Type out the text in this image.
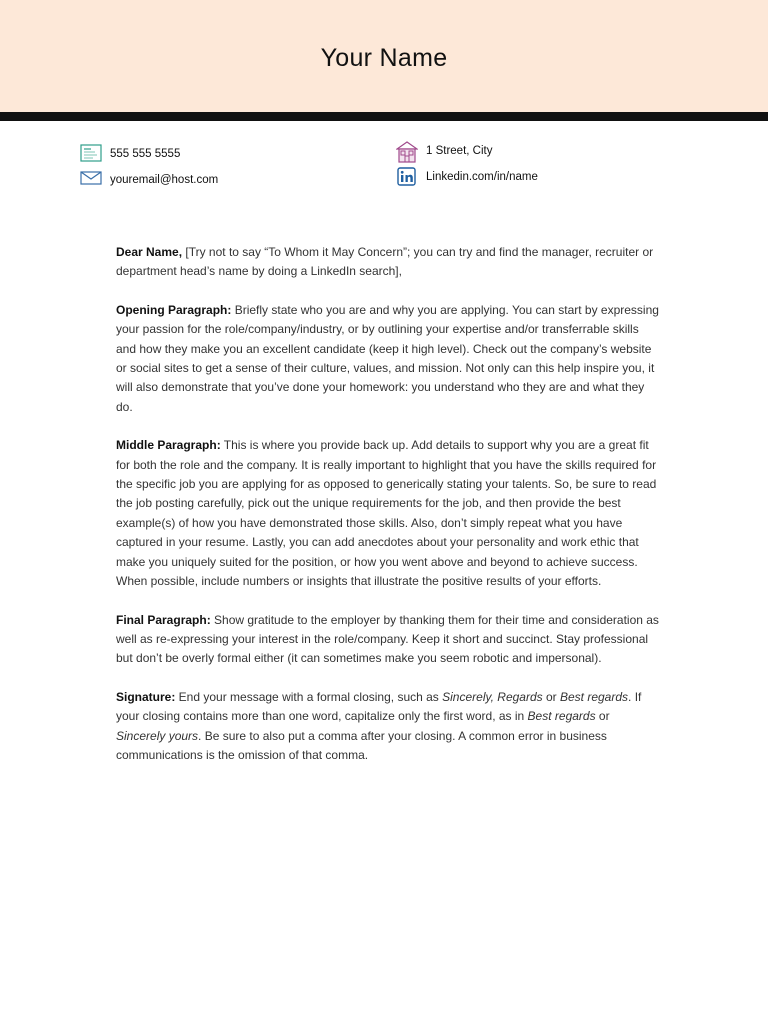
Your Name
555 555 5555
youremail@host.com
1 Street, City
Linkedin.com/in/name

Dear Name, [Try not to say “To Whom it May Concern”; you can try and find the manager, recruiter or department head’s name by doing a LinkedIn search],

Opening Paragraph: Briefly state who you are and why you are applying. You can start by expressing your passion for the role/company/industry, or by outlining your expertise and/or transferrable skills and how they make you an excellent candidate (keep it high level). Check out the company’s website or social sites to get a sense of their culture, values, and mission. Not only can this help inspire you, it will also demonstrate that you’ve done your homework: you understand who they are and what they do.

Middle Paragraph: This is where you provide back up. Add details to support why you are a great fit for both the role and the company. It is really important to highlight that you have the skills required for the specific job you are applying for as opposed to generically stating your talents. So, be sure to read the job posting carefully, pick out the unique requirements for the job, and then provide the best example(s) of how you have demonstrated those skills. Also, don’t simply repeat what you have captured in your resume. Lastly, you can add anecdotes about your personality and work ethic that make you uniquely suited for the position, or how you went above and beyond to achieve success. When possible, include numbers or insights that illustrate the positive results of your efforts.

Final Paragraph: Show gratitude to the employer by thanking them for their time and consideration as well as re-expressing your interest in the role/company. Keep it short and succinct. Stay professional but don’t be overly formal either (it can sometimes make you seem robotic and impersonal).

Signature: End your message with a formal closing, such as Sincerely, Regards or Best regards. If your closing contains more than one word, capitalize only the first word, as in Best regards or Sincerely yours. Be sure to also put a comma after your closing. A common error in business communications is the omission of that comma.
